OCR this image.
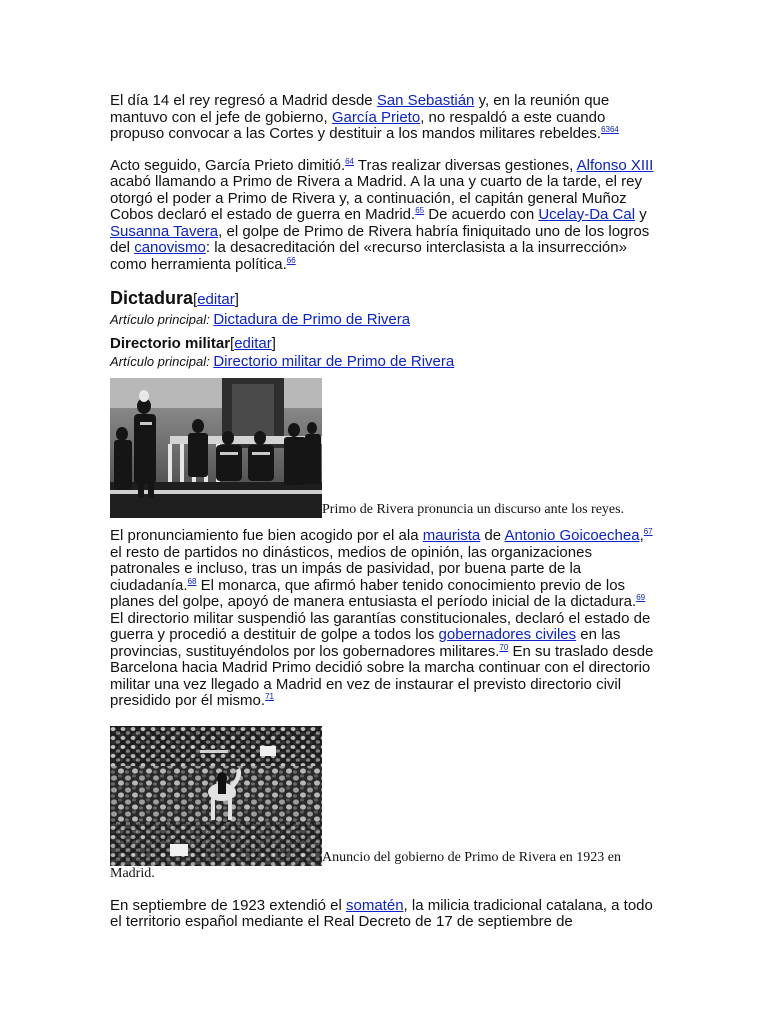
El día 14 el rey regresó a Madrid desde San Sebastián y, en la reunión que mantuvo con el jefe de gobierno, García Prieto, no respaldó a este cuando propuso convocar a las Cortes y destituir a los mandos militares rebeldes.$^{6364}$

Acto seguido, García Prieto dimitió.$^{64}$ Tras realizar diversas gestiones, Alfonso XIII acabó llamando a Primo de Rivera a Madrid. A la una y cuarto de la tarde, el rey otorgó el poder a Primo de Rivera y, a continuación, el capitán general Muñoz Cobos declaró el estado de guerra en Madrid.$^{65}$ De acuerdo con Ucelay-Da Cal y Susanna Tavera, el golpe de Primo de Rivera habría finiquitado uno de los logros del canovismo: la desacreditación del «recurso interclasista a la insurrección» como herramienta política.$^{66}$

Dictadura[editar]
Artículo principal: Dictadura de Primo de Rivera
Directorio militar[editar]
Artículo principal: Directorio militar de Primo de Rivera
Primo de Rivera pronuncia un discurso ante los reyes.

El pronunciamiento fue bien acogido por el ala maurista de Antonio Goicoechea,$^{67}$ el resto de partidos no dinásticos, medios de opinión, las organizaciones patronales e incluso, tras un impás de pasividad, por buena parte de la ciudadanía.$^{68}$ El monarca, que afirmó haber tenido conocimiento previo de los planes del golpe, apoyó de manera entusiasta el período inicial de la dictadura.$^{69}$ El directorio militar suspendió las garantías constitucionales, declaró el estado de guerra y procedió a destituir de golpe a todos los gobernadores civiles en las provincias, sustituyéndolos por los gobernadores militares.$^{70}$ En su traslado desde Barcelona hacia Madrid Primo decidió sobre la marcha continuar con el directorio militar una vez llegado a Madrid en vez de instaurar el previsto directorio civil presidido por él mismo.$^{71}$

Anuncio del gobierno de Primo de Rivera en 1923 en Madrid.

En septiembre de 1923 extendió el somatén, la milicia tradicional catalana, a todo el territorio español mediante el Real Decreto de 17 de septiembre de
